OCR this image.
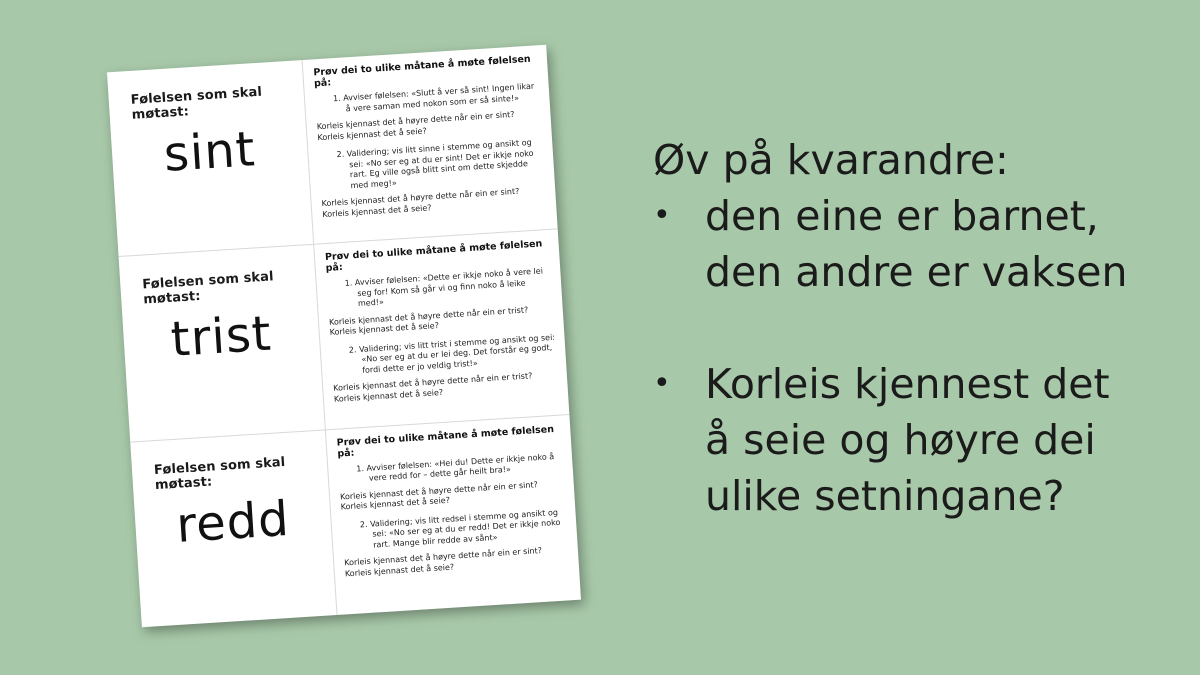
Følelsen som skal møtast:
sint
Prøv dei to ulike måtane å møte følelsen på: 1. Avviser følelsen: «Slutt å ver så sint! Ingen likar å vere saman med nokon som er så sinte!»
Korleis kjennast det å høyre dette når ein er sint? Korleis kjennast det å seie?
2. Validering; vis litt sinne i stemme og ansikt og sei: «No ser eg at du er sint! Det er ikkje noko rart. Eg ville også blitt sint om dette skjedde med meg!»
Korleis kjennast det å høyre dette når ein er sint? Korleis kjennast det å seie?
Følelsen som skal møtast:
trist
Prøv dei to ulike måtane å møte følelsen på: 1. Avviser følelsen: «Dette er ikkje noko å vere lei seg for! Kom så går vi og finn noko å leike med!»
Korleis kjennast det å høyre dette når ein er trist? Korleis kjennast det å seie?
2. Validering; vis litt trist i stemme og ansikt og sei: «No ser eg at du er lei deg. Det forstår eg godt, fordi dette er jo veldig trist!»
Korleis kjennast det å høyre dette når ein er trist? Korleis kjennast det å seie?
Følelsen som skal møtast:
redd
Prøv dei to ulike måtane å møte følelsen på: 1. Avviser følelsen: «Hei du! Dette er ikkje noko å vere redd for – dette går heilt bra!»
Korleis kjennast det å høyre dette når ein er sint? Korleis kjennast det å seie?
2. Validering; vis litt redsel i stemme og ansikt og sei: «No ser eg at du er redd! Det er ikkje noko rart. Mange blir redde av sånt»
Korleis kjennast det å høyre dette når ein er sint? Korleis kjennast det å seie?
Øv på kvarandre:
• den eine er barnet,
den andre er vaksen
• Korleis kjennest det
å seie og høyre dei
ulike setningane?
